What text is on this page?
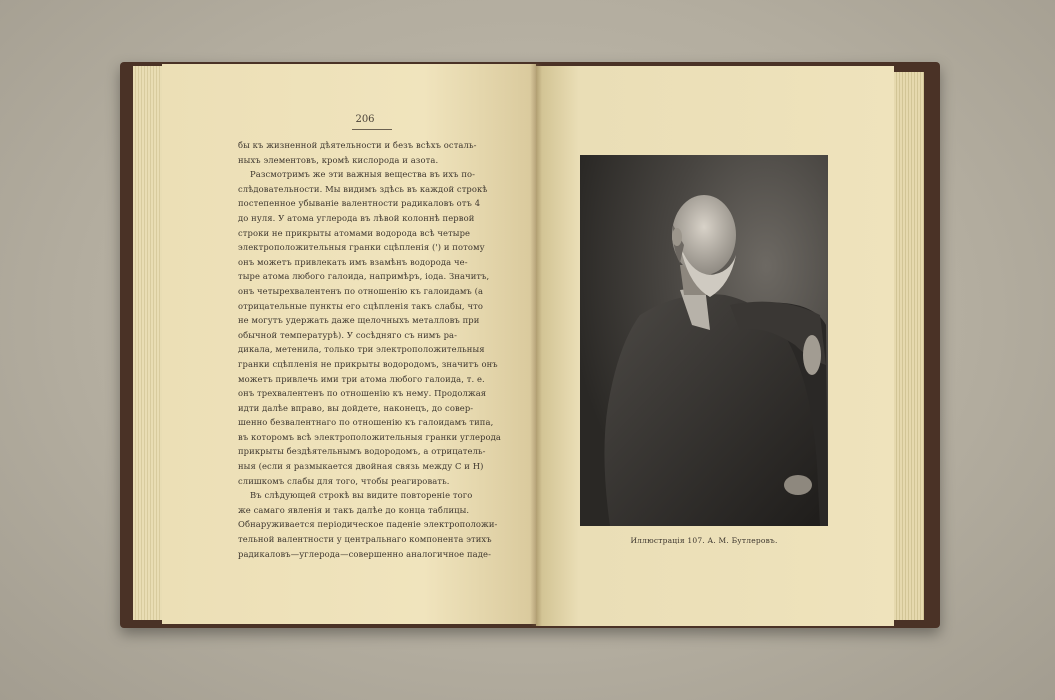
206
бы къ жизненной дѣятельности и безъ всѣхъ осталь-
ныхъ элементовъ, кромѣ кислорода и азота.
Разсмотримъ же эти важныя вещества въ ихъ по-
слѣдовательности. Мы видимъ здѣсь въ каждой строкѣ
постепенное убываніе валентности радикаловъ отъ 4
до нуля. У атома углерода въ лѣвой колоннѣ первой
строки не прикрыты атомами водорода всѣ четыре
электроположительныя гранки сцѣпленія (') и потому
онъ можетъ привлекать имъ взамѣнъ водорода че-
тыре атома любого галоида, напримѣръ, іода. Значитъ,
онъ четырехвалентенъ по отношенію къ галоидамъ (а
отрицательные пункты его сцѣпленія такъ слабы, что
не могутъ удержать даже щелочныхъ металловъ при
обычной температурѣ). У сосѣдняго съ нимъ ра-
дикала, метенила, только три электроположительныя
гранки сцѣпленія не прикрыты водородомъ, значитъ онъ
можетъ привлечь ими три атома любого галоида, т. е.
онъ трехвалентенъ по отношенію къ нему. Продолжая
идти далѣе вправо, вы дойдете, наконецъ, до совер-
шенно безвалентнаго по отношенію къ галоидамъ типа,
въ которомъ всѣ электроположительныя гранки углерода
прикрыты бездѣятельнымъ водородомъ, а отрицатель-
ныя (если я размыкается двойная связь между C и H)
слишкомъ слабы для того, чтобы реагировать.
Въ слѣдующей строкѣ вы видите повтореніе того
же самаго явленія и такъ далѣе до конца таблицы.
Обнаруживается періодическое паденіе электроположи-
тельной валентности у центральнаго компонента этихъ
радикаловъ—углерода—совершенно аналогичное паде-
Иллюстрація 107. А. М. Бутлеровъ.
